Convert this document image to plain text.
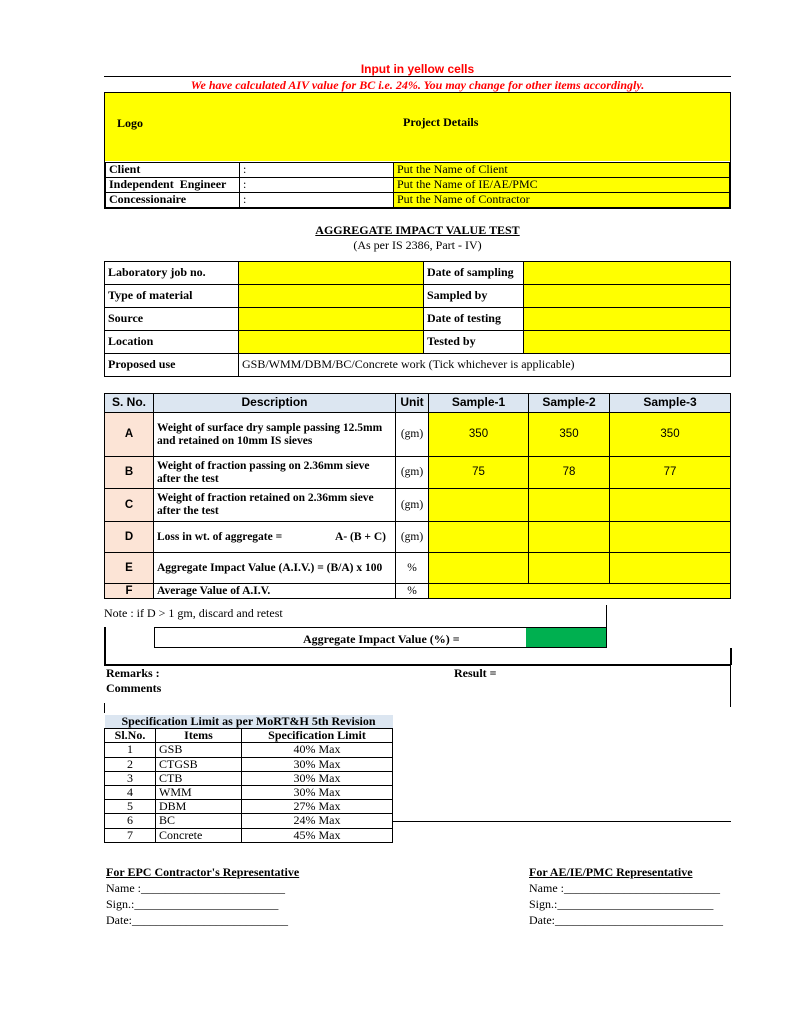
Input in yellow cells
We have calculated AIV value for BC i.e. 24%. You may change for other items accordingly.
Logo	Project Details
Client	:	Put the Name of Client
Independent  Engineer	:	Put the Name of IE/AE/PMC
Concessionaire	:	Put the Name of Contractor
AGGREGATE IMPACT VALUE TEST
(As per IS 2386, Part - IV)
Laboratory job no.		Date of sampling	
Type of material		Sampled by	
Source		Date of testing	
Location		Tested by	
Proposed use	GSB/WMM/DBM/BC/Concrete work (Tick whichever is applicable)		
S. No.	Description	Unit	Sample-1	Sample-2	Sample-3
A	Weight of surface dry sample passing 12.5mm and retained on 10mm IS sieves	(gm)	350	350	350
B	Weight of fraction passing on 2.36mm sieve after the test	(gm)	75	78	77
C	Weight of fraction retained on 2.36mm sieve after the test	(gm)			
D	Loss in wt. of aggregate = A- (B + C)	(gm)			
E	Aggregate Impact Value (A.I.V.) = (B/A) x 100	%			
F	Average Value of A.I.V.	%			
Note : if D > 1 gm, discard and retest
Aggregate Impact Value (%) =
Remarks :
Comments
Result =
Specification Limit as per MoRT&H 5th Revision		
Sl.No.	Items	Specification Limit
1	GSB	40% Max
2	CTGSB	30% Max
3	CTB	30% Max
4	WMM	30% Max
5	DBM	27% Max
6	BC	24% Max
7	Concrete	45% Max
For EPC Contractor's Representative
Name :________________________
Sign.:________________________
Date:__________________________
For AE/IE/PMC Representative
Name :__________________________
Sign.:__________________________
Date:____________________________
